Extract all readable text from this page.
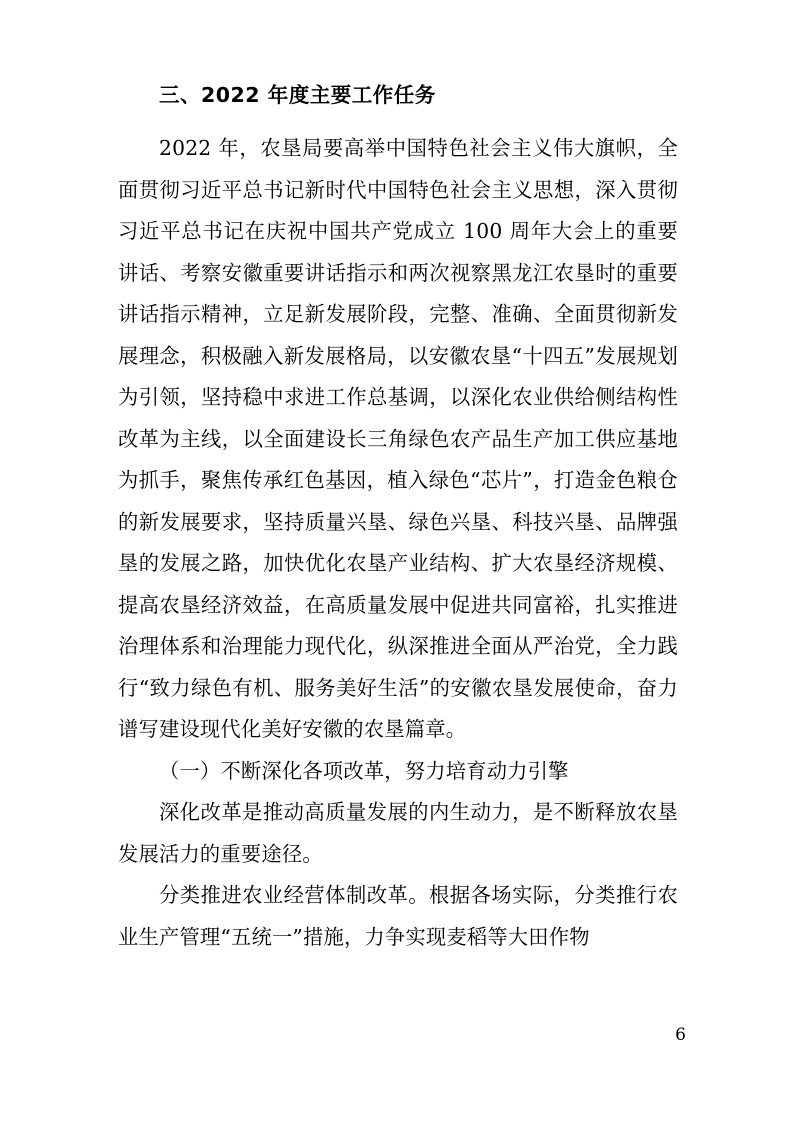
三、2022 年度主要工作任务

2022 年，农垦局要高举中国特色社会主义伟大旗帜，全面贯彻习近平总书记新时代中国特色社会主义思想，深入贯彻习近平总书记在庆祝中国共产党成立 100 周年大会上的重要讲话、考察安徽重要讲话指示和两次视察黑龙江农垦时的重要讲话指示精神，立足新发展阶段，完整、准确、全面贯彻新发展理念，积极融入新发展格局，以安徽农垦“十四五”发展规划为引领，坚持稳中求进工作总基调，以深化农业供给侧结构性改革为主线，以全面建设长三角绿色农产品生产加工供应基地为抓手，聚焦传承红色基因，植入绿色“芯片”，打造金色粮仓的新发展要求，坚持质量兴垦、绿色兴垦、科技兴垦、品牌强垦的发展之路，加快优化农垦产业结构、扩大农垦经济规模、提高农垦经济效益，在高质量发展中促进共同富裕，扎实推进治理体系和治理能力现代化，纵深推进全面从严治党，全力践行“致力绿色有机、服务美好生活”的安徽农垦发展使命，奋力谱写建设现代化美好安徽的农垦篇章。

（一）不断深化各项改革，努力培育动力引擎

深化改革是推动高质量发展的内生动力，是不断释放农垦发展活力的重要途径。

分类推进农业经营体制改革。根据各场实际，分类推行农业生产管理“五统一”措施，力争实现麦稻等大田作物

6
